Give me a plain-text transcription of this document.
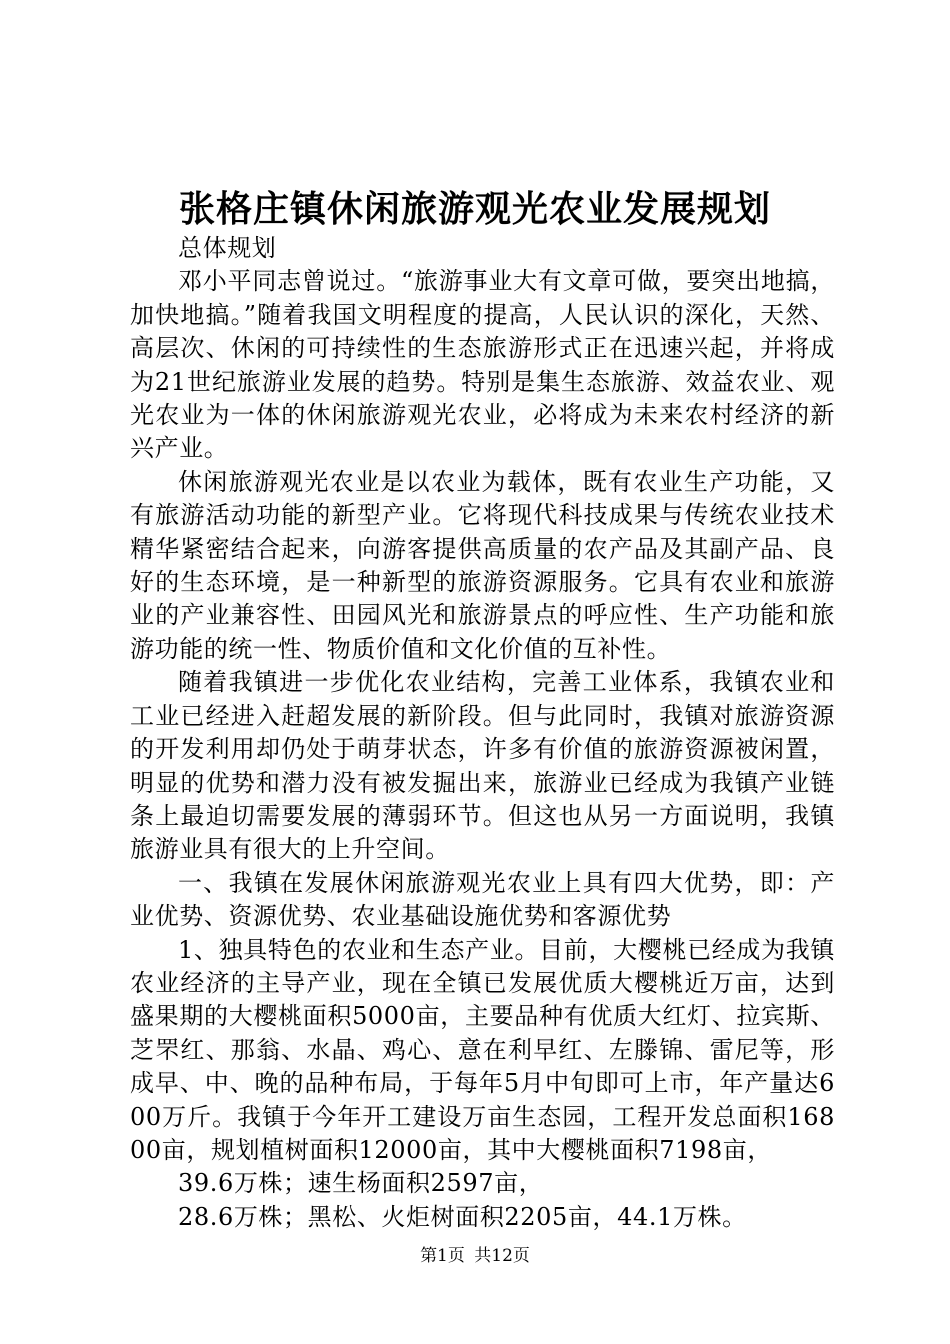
张格庄镇休闲旅游观光农业发展规划

总体规划

邓小平同志曾说过。“旅游事业大有文章可做，要突出地搞，加快地搞。”随着我国文明程度的提高，人民认识的深化，天然、高层次、休闲的可持续性的生态旅游形式正在迅速兴起，并将成为21世纪旅游业发展的趋势。特别是集生态旅游、效益农业、观光农业为一体的休闲旅游观光农业，必将成为未来农村经济的新兴产业。

休闲旅游观光农业是以农业为载体，既有农业生产功能，又有旅游活动功能的新型产业。它将现代科技成果与传统农业技术精华紧密结合起来，向游客提供高质量的农产品及其副产品、良好的生态环境，是一种新型的旅游资源服务。它具有农业和旅游业的产业兼容性、田园风光和旅游景点的呼应性、生产功能和旅游功能的统一性、物质价值和文化价值的互补性。

随着我镇进一步优化农业结构，完善工业体系，我镇农业和工业已经进入赶超发展的新阶段。但与此同时，我镇对旅游资源的开发利用却仍处于萌芽状态，许多有价值的旅游资源被闲置，明显的优势和潜力没有被发掘出来，旅游业已经成为我镇产业链条上最迫切需要发展的薄弱环节。但这也从另一方面说明，我镇旅游业具有很大的上升空间。

一、我镇在发展休闲旅游观光农业上具有四大优势，即：产业优势、资源优势、农业基础设施优势和客源优势

1、独具特色的农业和生态产业。目前，大樱桃已经成为我镇农业经济的主导产业，现在全镇已发展优质大樱桃近万亩，达到盛果期的大樱桃面积5000亩，主要品种有优质大红灯、拉宾斯、芝罘红、那翁、水晶、鸡心、意在利早红、左滕锦、雷尼等，形成早、中、晚的品种布局，于每年5月中旬即可上市，年产量达600万斤。我镇于今年开工建设万亩生态园，工程开发总面积16800亩，规划植树面积12000亩，其中大樱桃面积7198亩，

39.6万株；速生杨面积2597亩，

28.6万株；黑松、火炬树面积2205亩，44.1万株。

第1页 共12页
